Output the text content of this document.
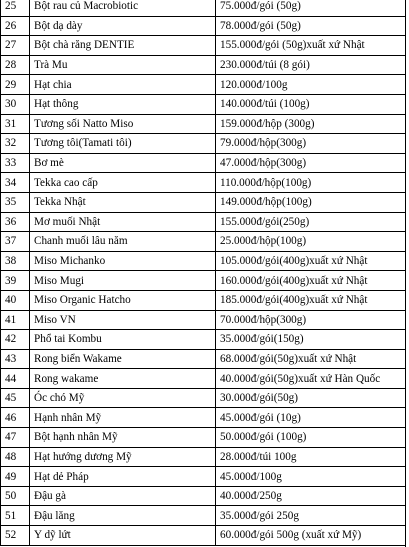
25	Bột rau củ Macrobiotic	75.000đ/gói (50g)
26	Bột dạ dày	78.000đ/gói (50g)
27	Bột chà răng DENTIE	155.000đ/gói (50g)xuất xứ Nhật
28	Trà Mu	230.000đ/túi (8 gói)
29	Hạt chia	120.000đ/100g
30	Hạt thông	140.000đ/túi (100g)
31	Tương sối Natto Miso	159.000đ/hộp (300g)
32	Tương tôi(Tamati tôi)	79.000đ/hộp(300g)
33	Bơ mè	47.000đ/hộp(300g)
34	Tekka cao cấp	110.000đ/hộp(100g)
35	Tekka Nhật	149.000đ/hộp(100g)
36	Mơ muối Nhật	155.000đ/gói(250g)
37	Chanh muối lâu năm	25.000đ/hộp(100g)
38	Miso Michanko	105.000đ/gói(400g)xuất xứ Nhật
39	Miso Mugi	160.000đ/gói(400g)xuất xứ Nhật
40	Miso Organic Hatcho	185.000đ/gói(400g)xuất xứ Nhật
41	Miso VN	70.000đ/hộp(300g)
42	Phổ tai Kombu	35.000đ/gói(150g)
43	Rong biển Wakame	68.000đ/gói(50g)xuất xứ Nhật
44	Rong wakame	40.000đ/gói(50g)xuất xứ Hàn Quốc
45	Óc chó Mỹ	30.000đ/gói(50g)
46	Hạnh nhân Mỹ	45.000đ/gói (10g)
47	Bột hạnh nhân Mỹ	50.000đ/gói (100g)
48	Hạt hướng dương Mỹ	28.000đ/túi 100g
49	Hạt dẻ Pháp	45.000đ/100g
50	Đậu gà	40.000đ/250g
51	Đậu lăng	35.000đ/gói 250g
52	Y dỹ lứt	60.000đ/gói 500g (xuất xứ Mỹ)
